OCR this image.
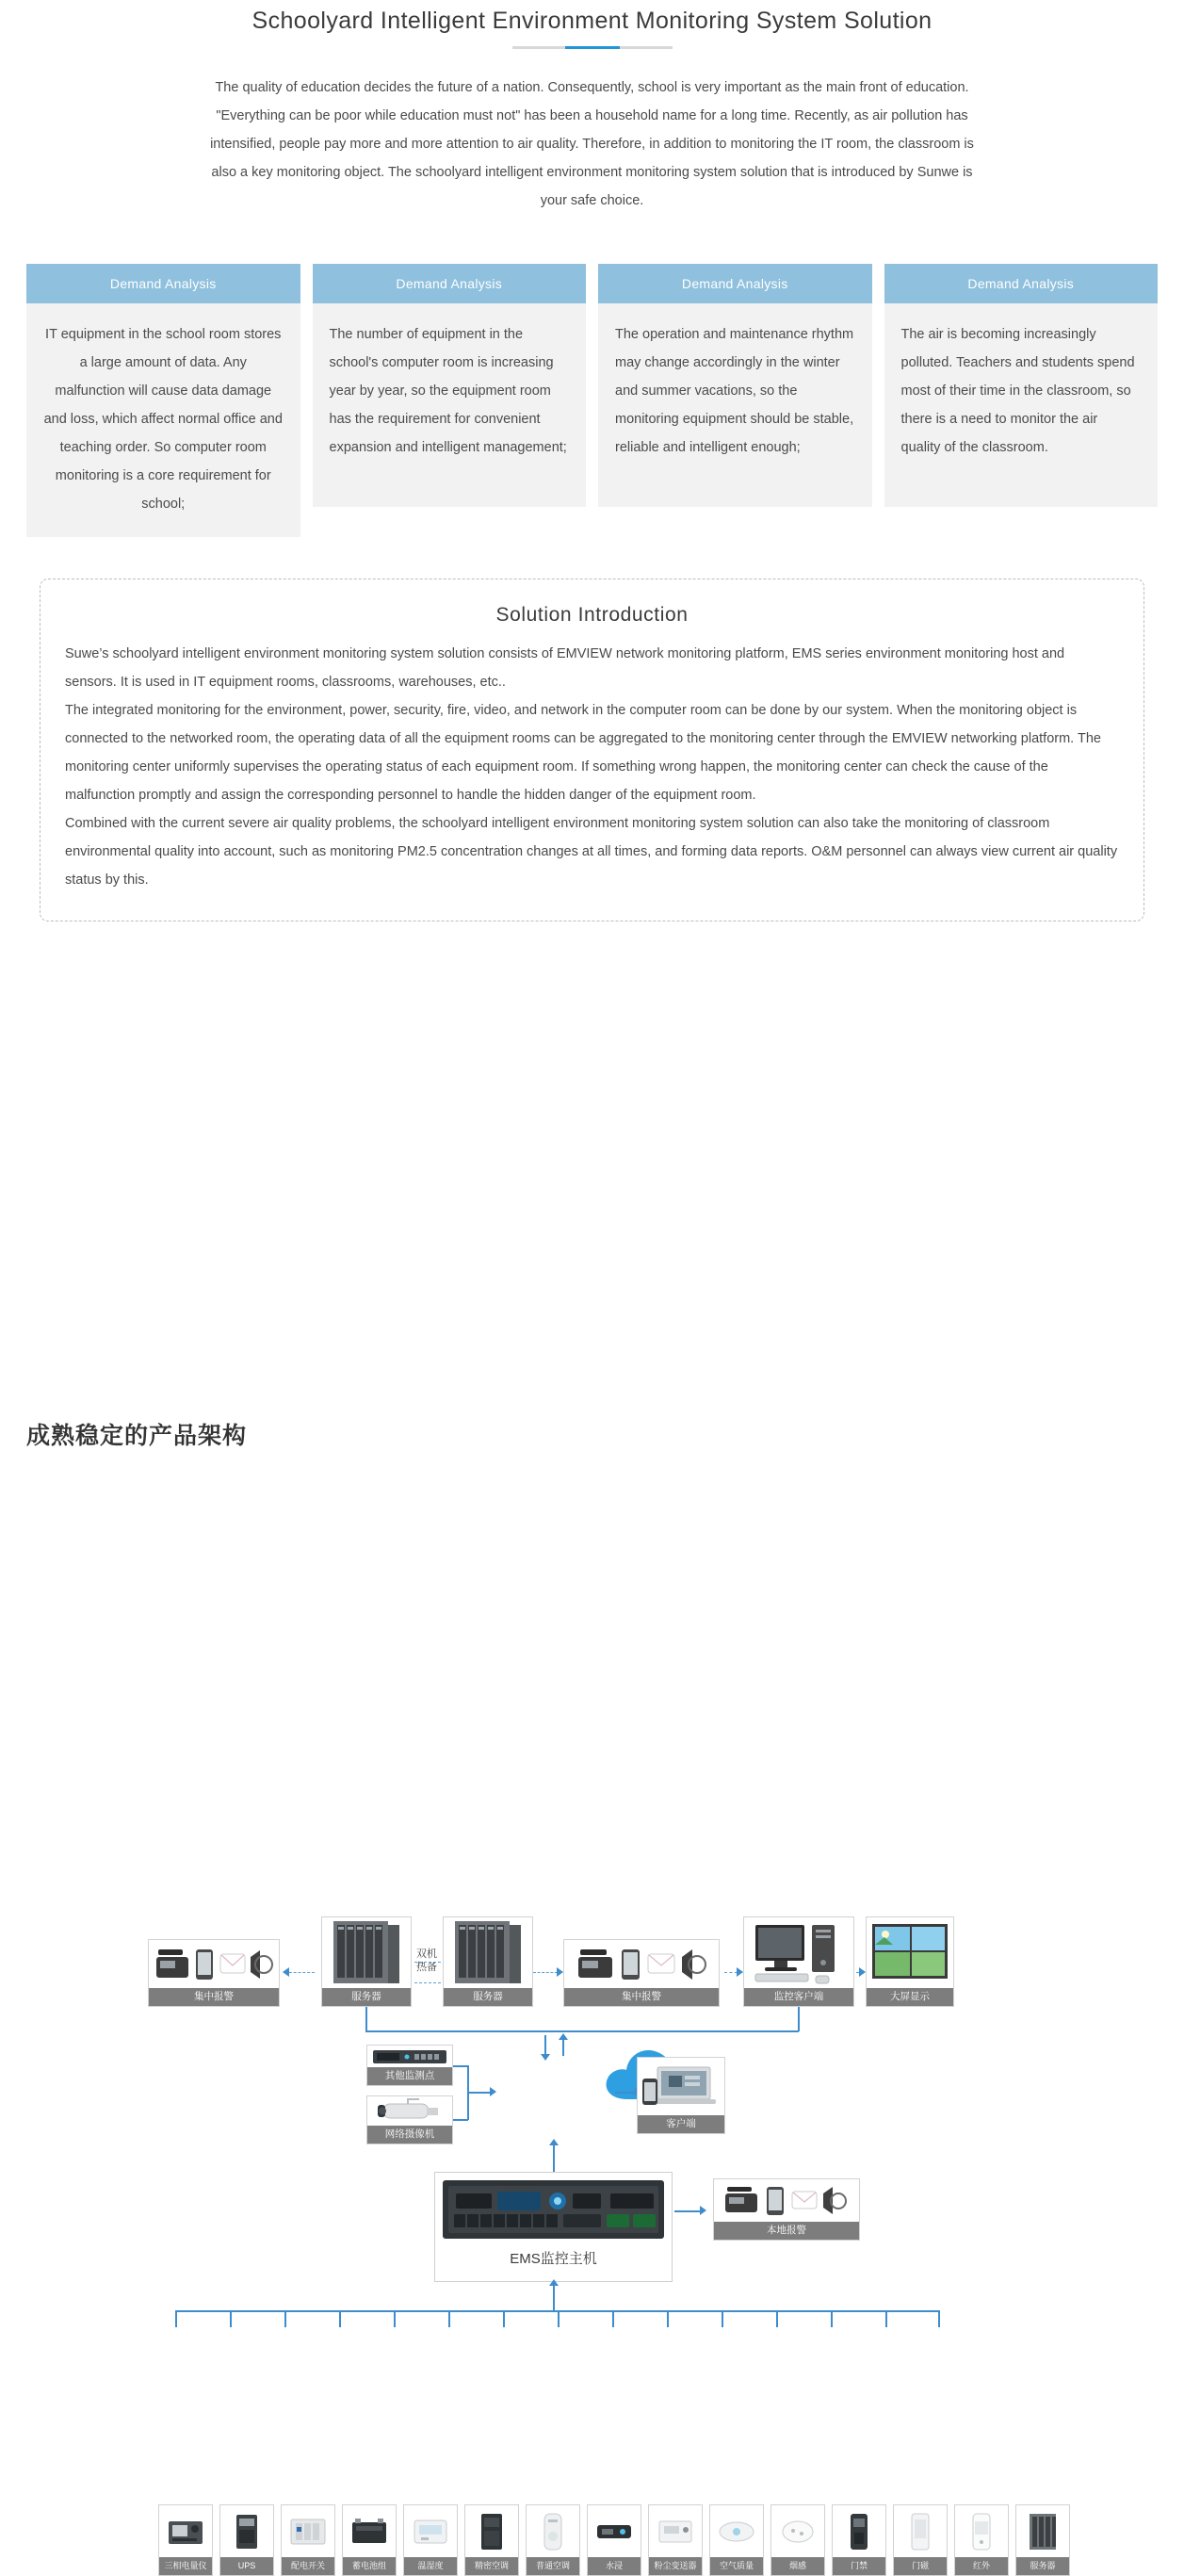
Schoolyard Intelligent Environment Monitoring System Solution
The quality of education decides the future of a nation. Consequently, school is very important as the main front of education. "Everything can be poor while education must not" has been a household name for a long time. Recently, as air pollution has intensified, people pay more and more attention to air quality. Therefore, in addition to monitoring the IT room, the classroom is also a key monitoring object. The schoolyard intelligent environment monitoring system solution that is introduced by Sunwe is your safe choice.
Demand Analysis
IT equipment in the school room stores a large amount of data. Any malfunction will cause data damage and loss, which affect normal office and teaching order. So computer room monitoring is a core requirement for school;
Demand Analysis
The number of equipment in the school's computer room is increasing year by year, so the equipment room has the requirement for convenient expansion and intelligent management;
Demand Analysis
The operation and maintenance rhythm may change accordingly in the winter and summer vacations, so the monitoring equipment should be stable, reliable and intelligent enough;
Demand Analysis
The air is becoming increasingly polluted. Teachers and students spend most of their time in the classroom, so there is a need to monitor the air quality of the classroom.
Solution Introduction

Suwe’s schoolyard intelligent environment monitoring system solution consists of EMVIEW network monitoring platform, EMS series environment monitoring host and sensors. It is used in IT equipment rooms, classrooms, warehouses, etc..

The integrated monitoring for the environment, power, security, fire, video, and network in the computer room can be done by our system. When the monitoring object is connected to the networked room, the operating data of all the equipment rooms can be aggregated to the monitoring center through the EMVIEW networking platform. The monitoring center uniformly supervises the operating status of each equipment room. If something wrong happen, the monitoring center can check the cause of the malfunction promptly and assign the corresponding personnel to handle the hidden danger of the equipment room.

Combined with the current severe air quality problems, the schoolyard intelligent environment monitoring system solution can also take the monitoring of classroom environmental quality into account, such as monitoring PM2.5 concentration changes at all times, and forming data reports. O&M personnel can always view current air quality status by this.

成熟稳定的产品架构
集中报警	服务器
双机
热备
服务器	集中报警	监控客户端	大屏显示
其他监测点
网络摄像机
客户端
EMS监控主机
本地报警
三相电量仪	UPS	配电开关	蓄电池组	温湿度	精密空调	普通空调	水浸	粉尘变送器	空气质量	烟感	门禁	门磁	红外	服务器
